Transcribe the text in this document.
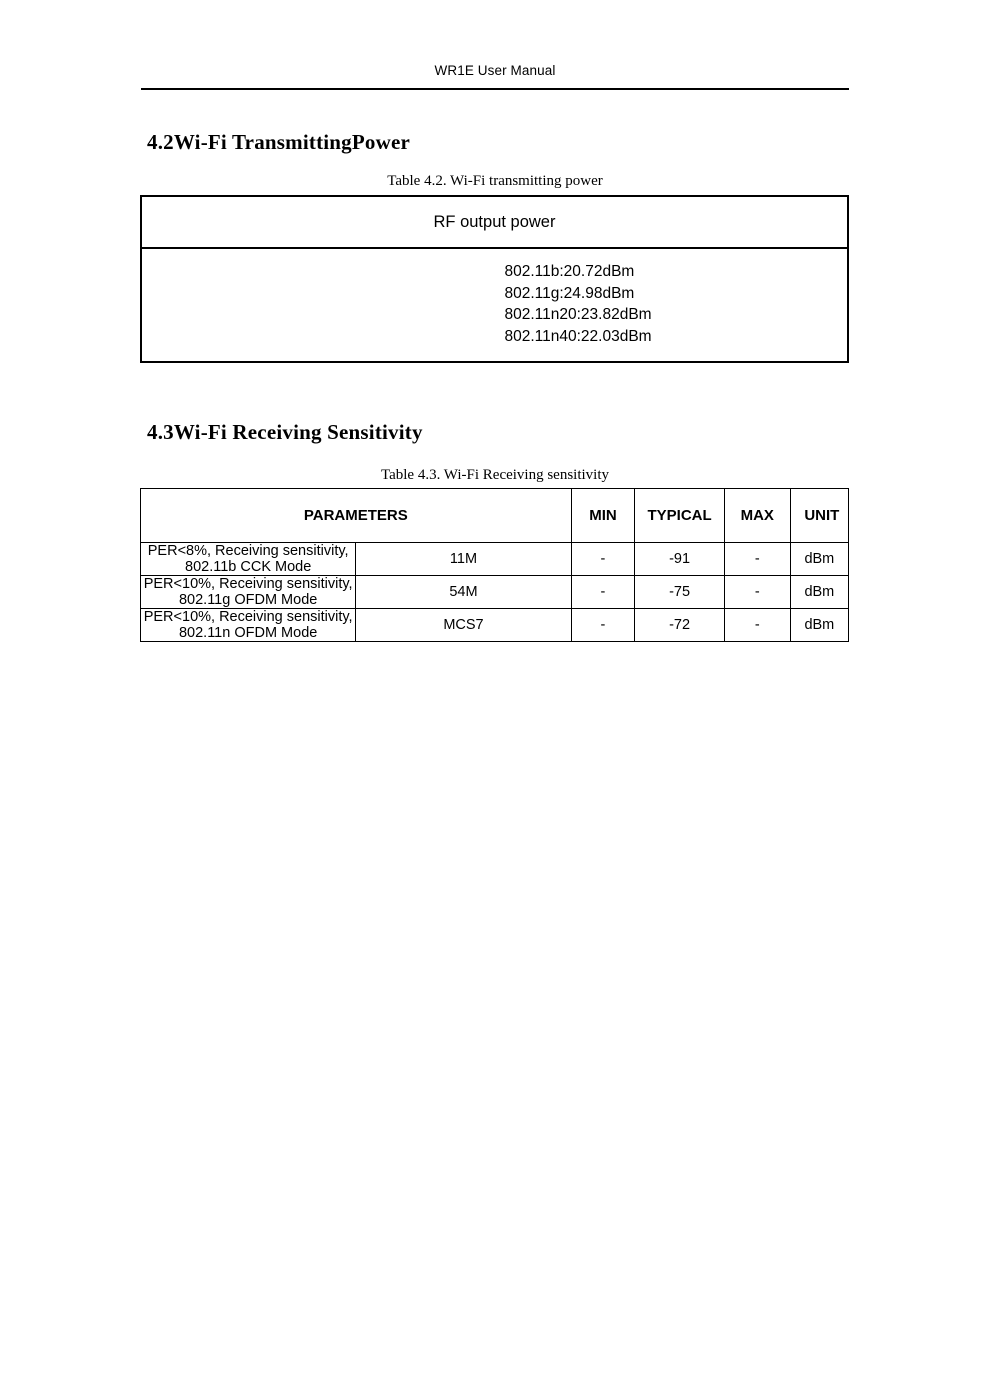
WR1E User Manual
4.2Wi-Fi TransmittingPower
Table 4.2. Wi-Fi transmitting power
RF output power
802.11b:20.72dBm
802.11g:24.98dBm
802.11n20:23.82dBm
802.11n40:22.03dBm
4.3Wi-Fi Receiving Sensitivity
Table 4.3. Wi-Fi Receiving sensitivity
PARAMETERS		MIN	TYPICAL	MAX	UNIT

PER<8%, Receiving sensitivity, 802.11b CCK Mode	11M	-	-91	-	dBm
PER<10%, Receiving sensitivity, 802.11g OFDM Mode	54M	-	-75	-	dBm
PER<10%, Receiving sensitivity, 802.11n OFDM Mode	MCS7	-	-72	-	dBm
